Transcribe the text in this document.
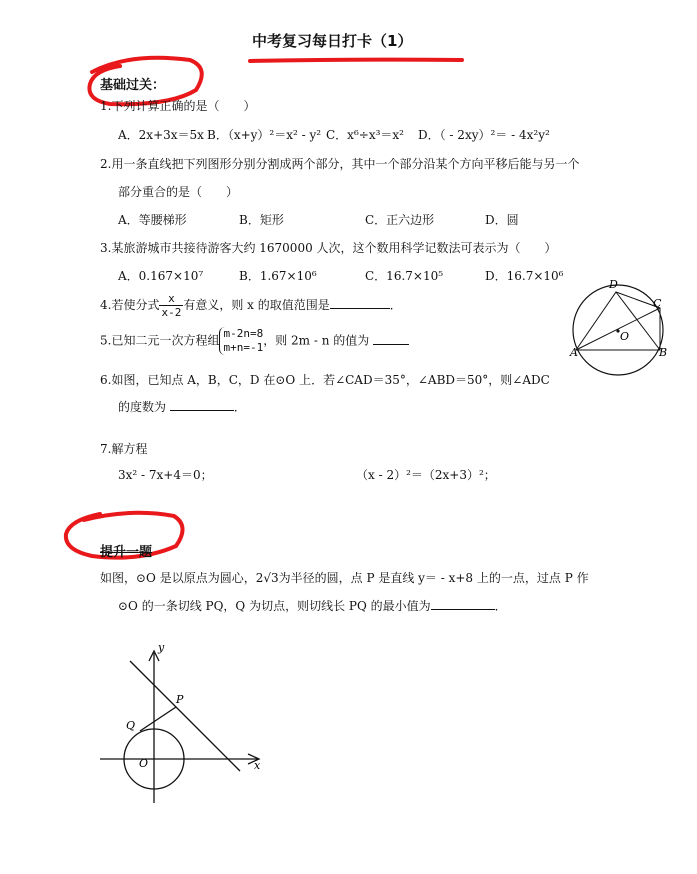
中考复习每日打卡（1）
基础过关：
1.下列计算正确的是（　　）
A．2x+3x＝5x B．（x+y）²＝x² - y² C．x⁶÷x³＝x² D．（ - 2xy）²＝ - 4x²y²
2.用一条直线把下列图形分别分割成两个部分，其中一个部分沿某个方向平移后能与另一个
部分重合的是（　　）
A．等腰梯形	B．矩形	C．正六边形	D．圆
3.某旅游城市共接待游客大约 1670000 人次，这个数用科学记数法可表示为（　　）
A．0.167×10⁷	B．1.67×10⁶	C．16.7×10⁵	D．16.7×10⁶
4.若使分式 $\frac{x}{x-2}$ 有意义，则 x 的取值范围是	．
5.已知二元一次方程组 m-2n=8
m+n=-1 ，则 2m - n 的值为
6.如图，已知点 A，B，C，D 在⊙O 上．若∠CAD＝35°，∠ABD＝50°，则∠ADC
的度数为	．
D
C
O
A	B
7.解方程
3x² - 7x+4＝0；	（x - 2）²＝（2x+3）²；
提升一题
如图，⊙O 是以原点为圆心，2√3为半径的圆，点 P 是直线 y＝ - x+8 上的一点，过点 P 作
⊙O 的一条切线 PQ，Q 为切点，则切线长 PQ 的最小值为	．
y
P
Q
O	x
